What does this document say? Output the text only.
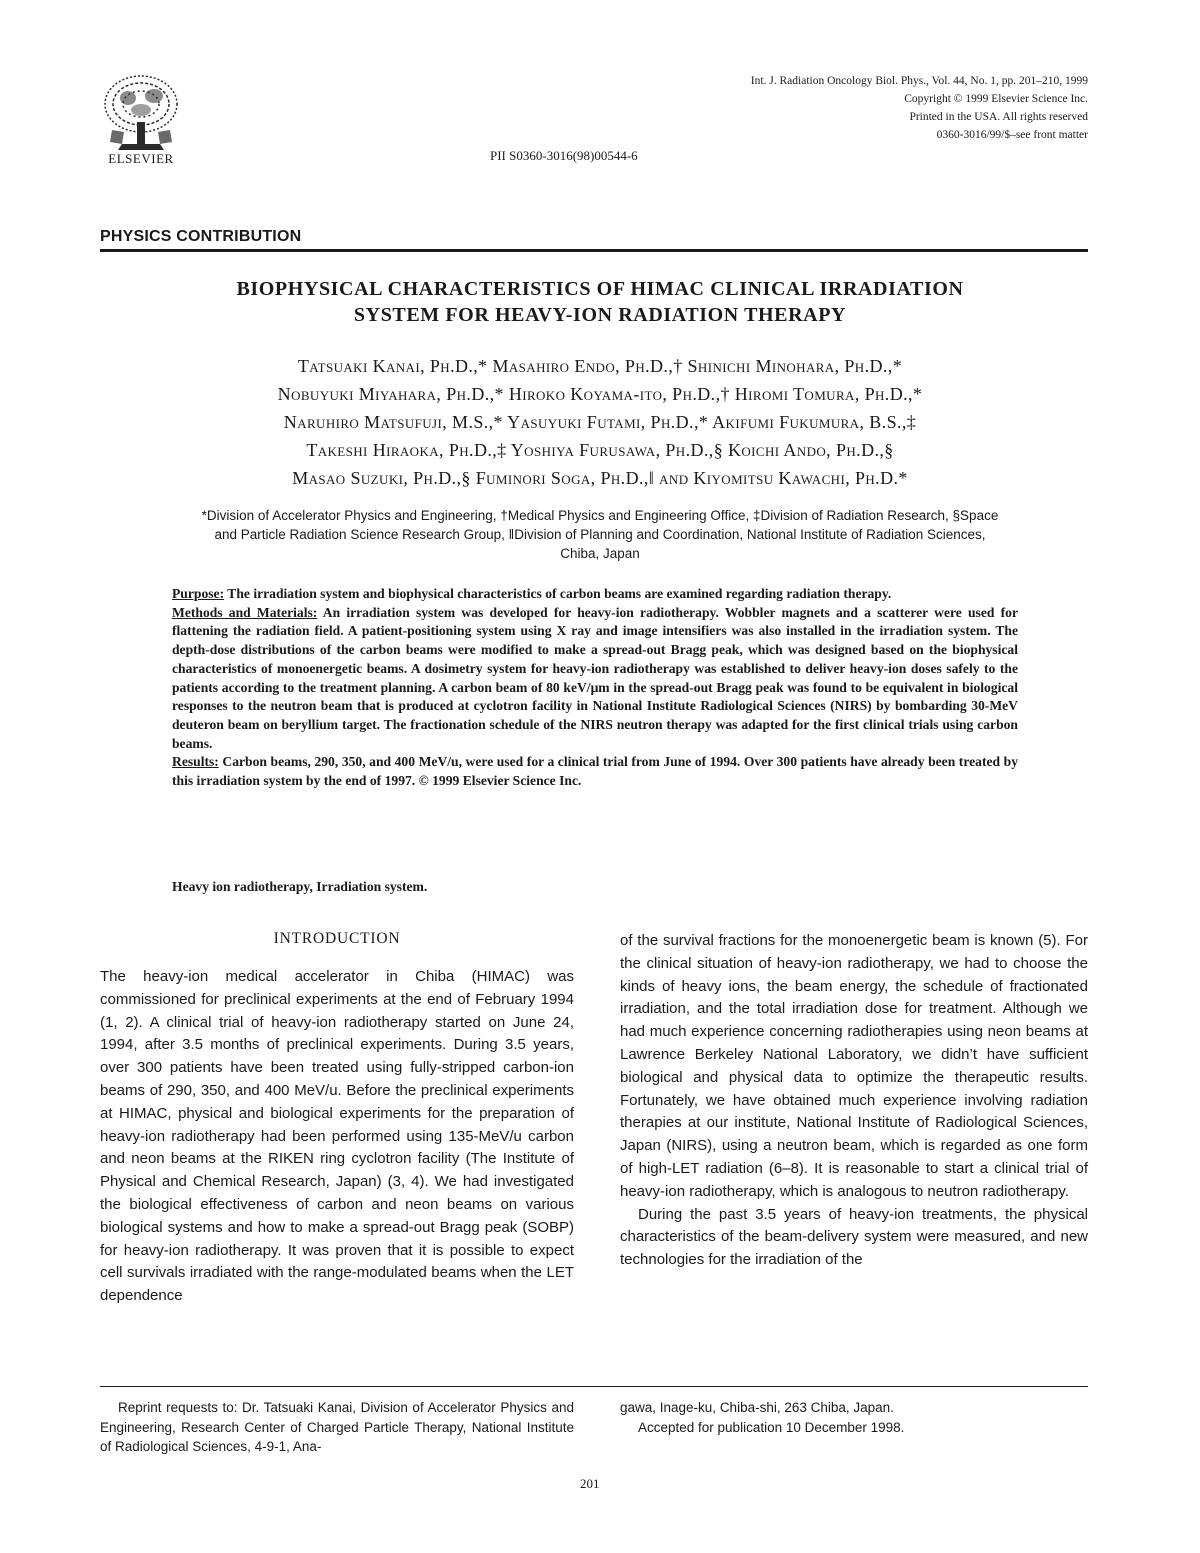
ELSEVIER
Int. J. Radiation Oncology Biol. Phys., Vol. 44, No. 1, pp. 201–210, 1999
Copyright © 1999 Elsevier Science Inc.
Printed in the USA. All rights reserved
0360-3016/99/$–see front matter
PII S0360-3016(98)00544-6
PHYSICS CONTRIBUTION
BIOPHYSICAL CHARACTERISTICS OF HIMAC CLINICAL IRRADIATION
SYSTEM FOR HEAVY-ION RADIATION THERAPY
Tatsuaki Kanai, Ph.D.,* Masahiro Endo, Ph.D.,† Shinichi Minohara, Ph.D.,*
Nobuyuki Miyahara, Ph.D.,* Hiroko Koyama-ito, Ph.D.,† Hiromi Tomura, Ph.D.,*
Naruhiro Matsufuji, M.S.,* Yasuyuki Futami, Ph.D.,* Akifumi Fukumura, B.S.,‡
Takeshi Hiraoka, Ph.D.,‡ Yoshiya Furusawa, Ph.D.,§ Koichi Ando, Ph.D.,§
Masao Suzuki, Ph.D.,§ Fuminori Soga, Ph.D.,ǁ and Kiyomitsu Kawachi, Ph.D.*
*Division of Accelerator Physics and Engineering, †Medical Physics and Engineering Office, ‡Division of Radiation Research, §Space
and Particle Radiation Science Research Group, ǁDivision of Planning and Coordination, National Institute of Radiation Sciences,
Chiba, Japan

Purpose: The irradiation system and biophysical characteristics of carbon beams are examined regarding radiation therapy.

Methods and Materials: An irradiation system was developed for heavy-ion radiotherapy. Wobbler magnets and a scatterer were used for flattening the radiation field. A patient-positioning system using X ray and image intensifiers was also installed in the irradiation system. The depth-dose distributions of the carbon beams were modified to make a spread-out Bragg peak, which was designed based on the biophysical characteristics of monoenergetic beams. A dosimetry system for heavy-ion radiotherapy was established to deliver heavy-ion doses safely to the patients according to the treatment planning. A carbon beam of 80 keV/μm in the spread-out Bragg peak was found to be equivalent in biological responses to the neutron beam that is produced at cyclotron facility in National Institute Radiological Sciences (NIRS) by bombarding 30-MeV deuteron beam on beryllium target. The fractionation schedule of the NIRS neutron therapy was adapted for the first clinical trials using carbon beams.

Results: Carbon beams, 290, 350, and 400 MeV/u, were used for a clinical trial from June of 1994. Over 300 patients have already been treated by this irradiation system by the end of 1997. © 1999 Elsevier Science Inc.

Heavy ion radiotherapy, Irradiation system.
INTRODUCTION

The heavy-ion medical accelerator in Chiba (HIMAC) was commissioned for preclinical experiments at the end of February 1994 (1, 2). A clinical trial of heavy-ion radiotherapy started on June 24, 1994, after 3.5 months of preclinical experiments. During 3.5 years, over 300 patients have been treated using fully-stripped carbon-ion beams of 290, 350, and 400 MeV/u. Before the preclinical experiments at HIMAC, physical and biological experiments for the preparation of heavy-ion radiotherapy had been performed using 135-MeV/u carbon and neon beams at the RIKEN ring cyclotron facility (The Institute of Physical and Chemical Research, Japan) (3, 4). We had investigated the biological effectiveness of carbon and neon beams on various biological systems and how to make a spread-out Bragg peak (SOBP) for heavy-ion radiotherapy. It was proven that it is possible to expect cell survivals irradiated with the range-modulated beams when the LET dependence

of the survival fractions for the monoenergetic beam is known (5). For the clinical situation of heavy-ion radiotherapy, we had to choose the kinds of heavy ions, the beam energy, the schedule of fractionated irradiation, and the total irradiation dose for treatment. Although we had much experience concerning radiotherapies using neon beams at Lawrence Berkeley National Laboratory, we didn’t have sufficient biological and physical data to optimize the therapeutic results. Fortunately, we have obtained much experience involving radiation therapies at our institute, National Institute of Radiological Sciences, Japan (NIRS), using a neutron beam, which is regarded as one form of high-LET radiation (6–8). It is reasonable to start a clinical trial of heavy-ion radiotherapy, which is analogous to neutron radiotherapy.

During the past 3.5 years of heavy-ion treatments, the physical characteristics of the beam-delivery system were measured, and new technologies for the irradiation of the

Reprint requests to: Dr. Tatsuaki Kanai, Division of Accelerator Physics and Engineering, Research Center of Charged Particle Therapy, National Institute of Radiological Sciences, 4-9-1, Ana-

gawa, Inage-ku, Chiba-shi, 263 Chiba, Japan.

Accepted for publication 10 December 1998.

201
